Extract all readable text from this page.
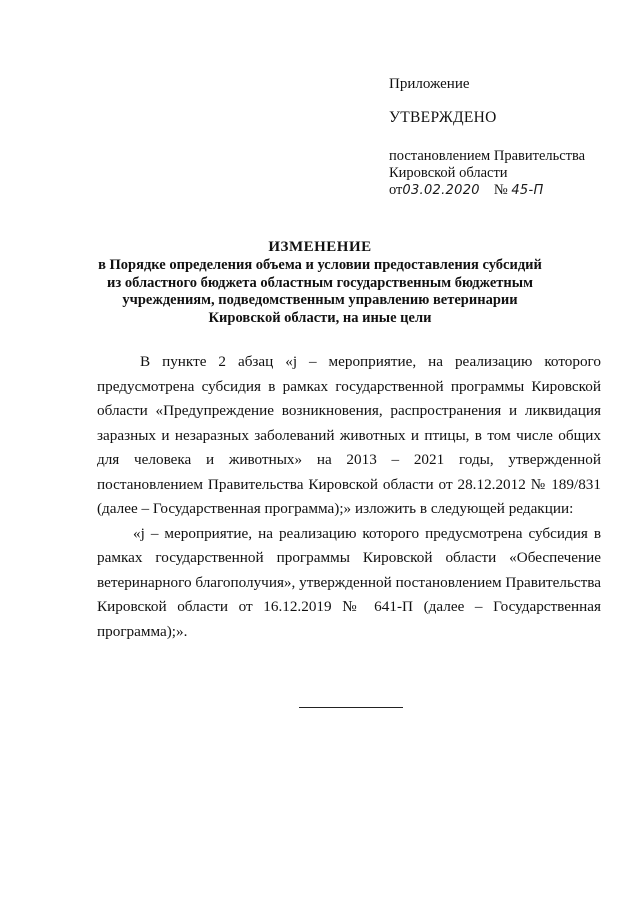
Приложение
УТВЕРЖДЕНО
постановлением Правительства
Кировской области
от03.02.2020 № 45-П
ИЗМЕНЕНИЕ
в Порядке определения объема и условии предоставления субсидий
из областного бюджета областным государственным бюджетным
учреждениям, подведомственным управлению ветеринарии
Кировской области, на иные цели

В пункте 2 абзац «j – мероприятие, на реализацию которого предусмотрена субсидия в рамках государственной программы Кировской области «Предупреждение возникновения, распространения и ликвидация заразных и незаразных заболеваний животных и птицы, в том числе общих для человека и животных» на 2013 – 2021 годы, утвержденной постановлением Правительства Кировской области от 28.12.2012 № 189/831 (далее – Государственная программа);» изложить в следующей редакции:

«j – мероприятие, на реализацию которого предусмотрена субсидия в рамках государственной программы Кировской области «Обеспечение ветеринарного благополучия», утвержденной постановлением Правительства Кировской области от 16.12.2019 № 641-П (далее – Государственная программа);».
